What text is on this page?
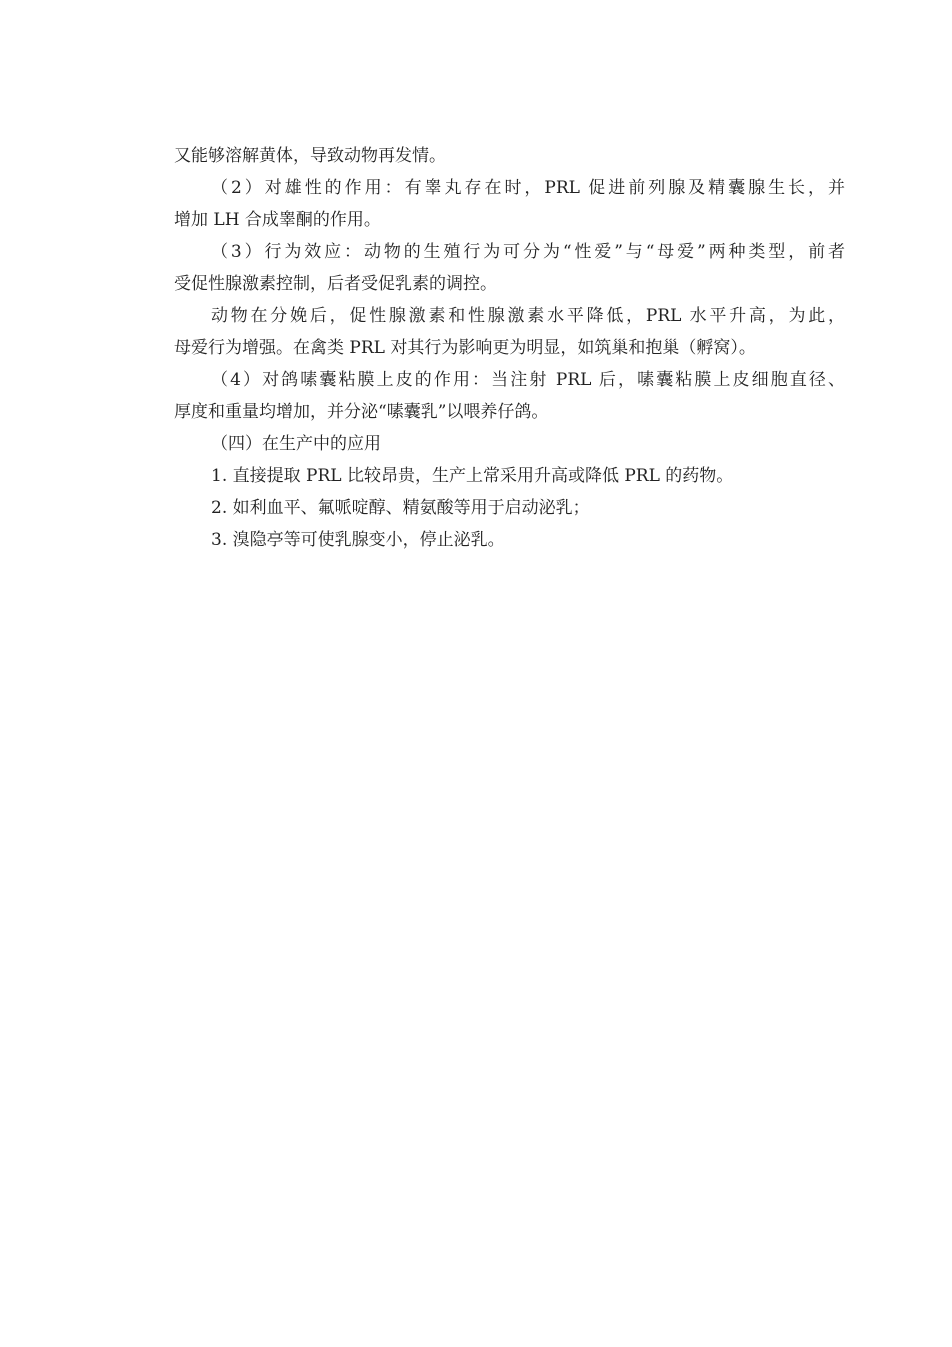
又能够溶解黄体，导致动物再发情。

（2）对雄性的作用：有睾丸存在时，PRL 促进前列腺及精囊腺生长，并

增加 LH 合成睾酮的作用。

（3）行为效应：动物的生殖行为可分为“性爱”与“母爱”两种类型，前者

受促性腺激素控制，后者受促乳素的调控。

动物在分娩后，促性腺激素和性腺激素水平降低，PRL 水平升高，为此，

母爱行为增强。在禽类 PRL 对其行为影响更为明显，如筑巢和抱巢（孵窝）。

（4）对鸽嗉囊粘膜上皮的作用：当注射 PRL 后，嗉囊粘膜上皮细胞直径、

厚度和重量均增加，并分泌“嗉囊乳”以喂养仔鸽。

（四）在生产中的应用

1. 直接提取 PRL 比较昂贵，生产上常采用升高或降低 PRL 的药物。

2. 如利血平、氟哌啶醇、精氨酸等用于启动泌乳；

3. 溴隐亭等可使乳腺变小，停止泌乳。
